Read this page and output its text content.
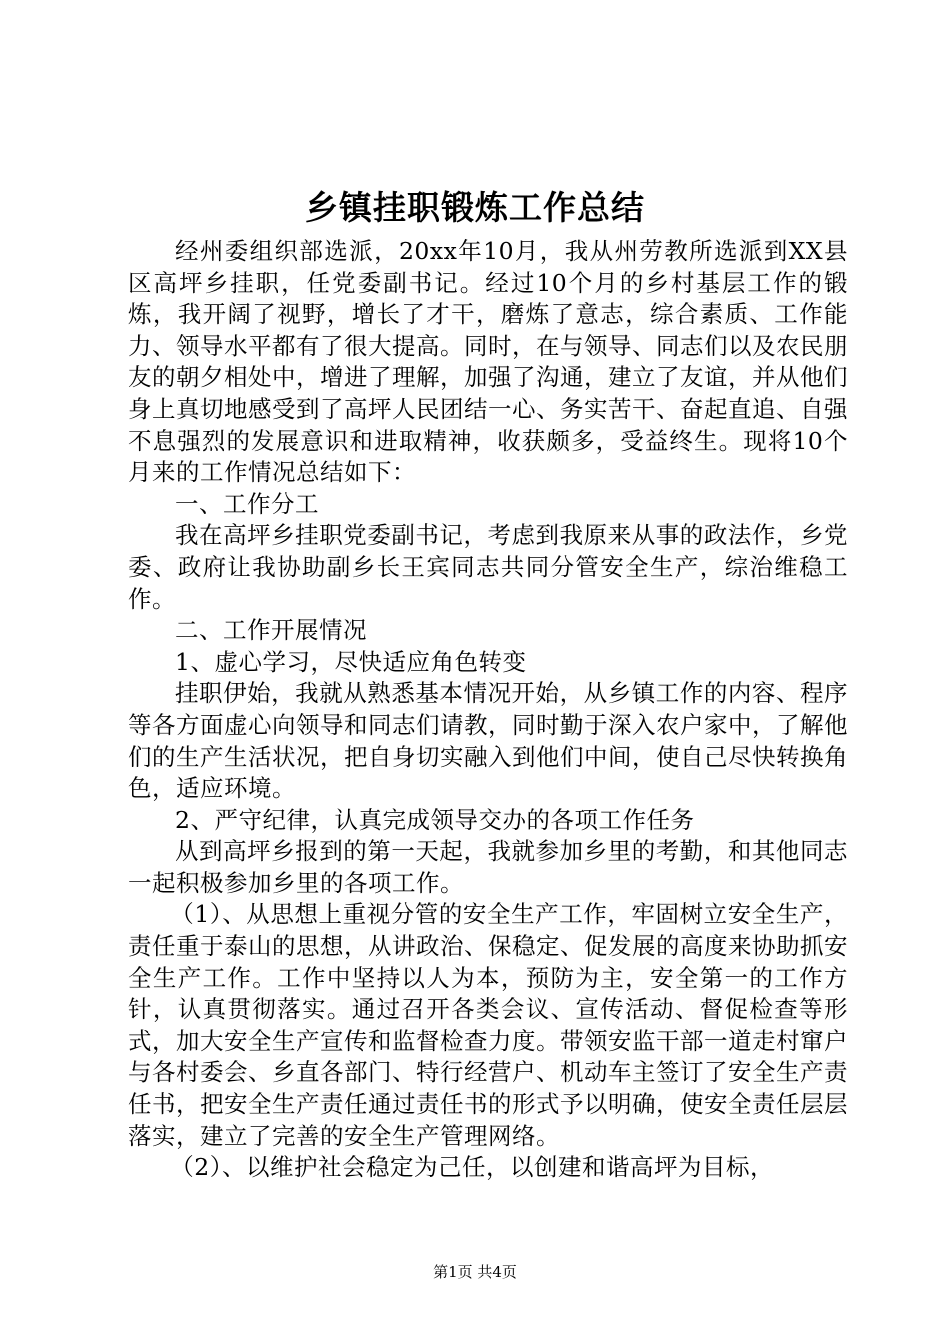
乡镇挂职锻炼工作总结

经州委组织部选派，20xx年10月，我从州劳教所选派到XX县区高坪乡挂职，任党委副书记。经过10个月的乡村基层工作的锻炼，我开阔了视野，增长了才干，磨炼了意志，综合素质、工作能力、领导水平都有了很大提高。同时，在与领导、同志们以及农民朋友的朝夕相处中，增进了理解，加强了沟通，建立了友谊，并从他们身上真切地感受到了高坪人民团结一心、务实苦干、奋起直追、自强不息强烈的发展意识和进取精神，收获颇多，受益终生。现将10个月来的工作情况总结如下：

一、工作分工

我在高坪乡挂职党委副书记，考虑到我原来从事的政法作，乡党委、政府让我协助副乡长王宾同志共同分管安全生产，综治维稳工作。

二、工作开展情况

1、虚心学习，尽快适应角色转变

挂职伊始，我就从熟悉基本情况开始，从乡镇工作的内容、程序等各方面虚心向领导和同志们请教，同时勤于深入农户家中，了解他们的生产生活状况，把自身切实融入到他们中间，使自己尽快转换角色，适应环境。

2、严守纪律，认真完成领导交办的各项工作任务

从到高坪乡报到的第一天起，我就参加乡里的考勤，和其他同志一起积极参加乡里的各项工作。

（1）、从思想上重视分管的安全生产工作，牢固树立安全生产，责任重于泰山的思想，从讲政治、保稳定、促发展的高度来协助抓安全生产工作。工作中坚持以人为本，预防为主，安全第一的工作方针，认真贯彻落实。通过召开各类会议、宣传活动、督促检查等形式，加大安全生产宣传和监督检查力度。带领安监干部一道走村窜户与各村委会、乡直各部门、特行经营户、机动车主签订了安全生产责任书，把安全生产责任通过责任书的形式予以明确，使安全责任层层落实，建立了完善的安全生产管理网络。

（2）、以维护社会稳定为己任，以创建和谐高坪为目标，

第1页 共4页
